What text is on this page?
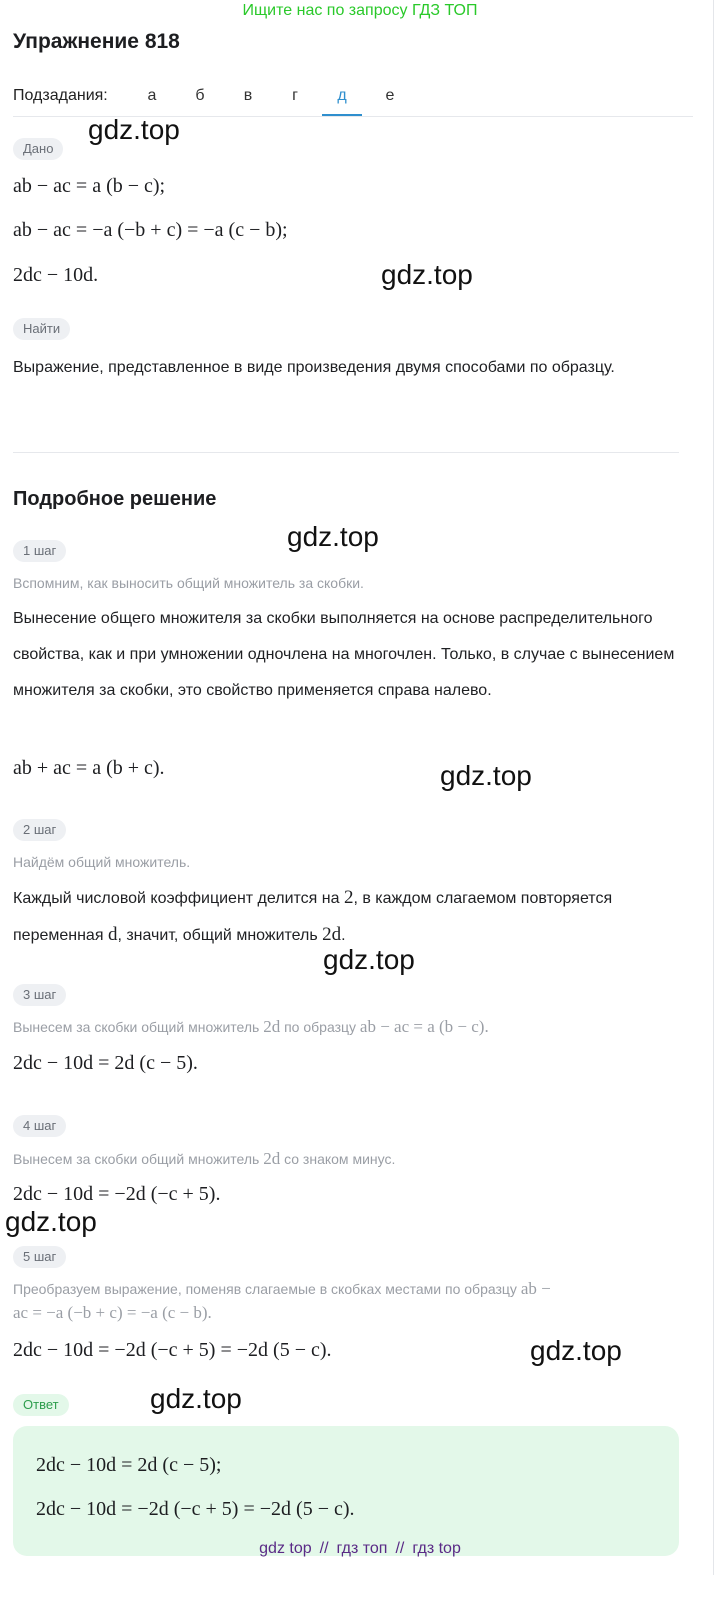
Ищите нас по запросу ГДЗ ТОП
Упражнение 818
Подзадания:	а	б	в	г	д	е
Дано
ab − ac = a (b − c);
ab − ac = −a (−b + c) = −a (c − b);
2dc − 10d.
Найти
Выражение, представленное в виде произведения двумя способами по образцу.
Подробное решение
1 шаг
Вспомним, как выносить общий множитель за скобки.
Вынесение общего множителя за скобки выполняется на основе распределительного свойства, как и при умножении одночлена на многочлен. Только, в случае с вынесением множителя за скобки, это свойство применяется справа налево.
ab + ac = a (b + c).
2 шаг
Найдём общий множитель.
Каждый числовой коэффициент делится на 2, в каждом слагаемом повторяется переменная d, значит, общий множитель 2d.
3 шаг
Вынесем за скобки общий множитель 2d по образцу ab − ac = a (b − c).
2dc − 10d = 2d (c − 5).
4 шаг
Вынесем за скобки общий множитель 2d со знаком минус.
2dc − 10d = −2d (−c + 5).
5 шаг
Преобразуем выражение, поменяв слагаемые в скобках местами по образцу ab −
ac = −a (−b + c) = −a (c − b).
2dc − 10d = −2d (−c + 5) = −2d (5 − c).
Ответ
2dc − 10d = 2d (c − 5);
2dc − 10d = −2d (−c + 5) = −2d (5 − c).
gdz.top
gdz.top
gdz.top
gdz.top
gdz.top
gdz.top
gdz.top
gdz.top
gdz top // гдз топ // гдз top
